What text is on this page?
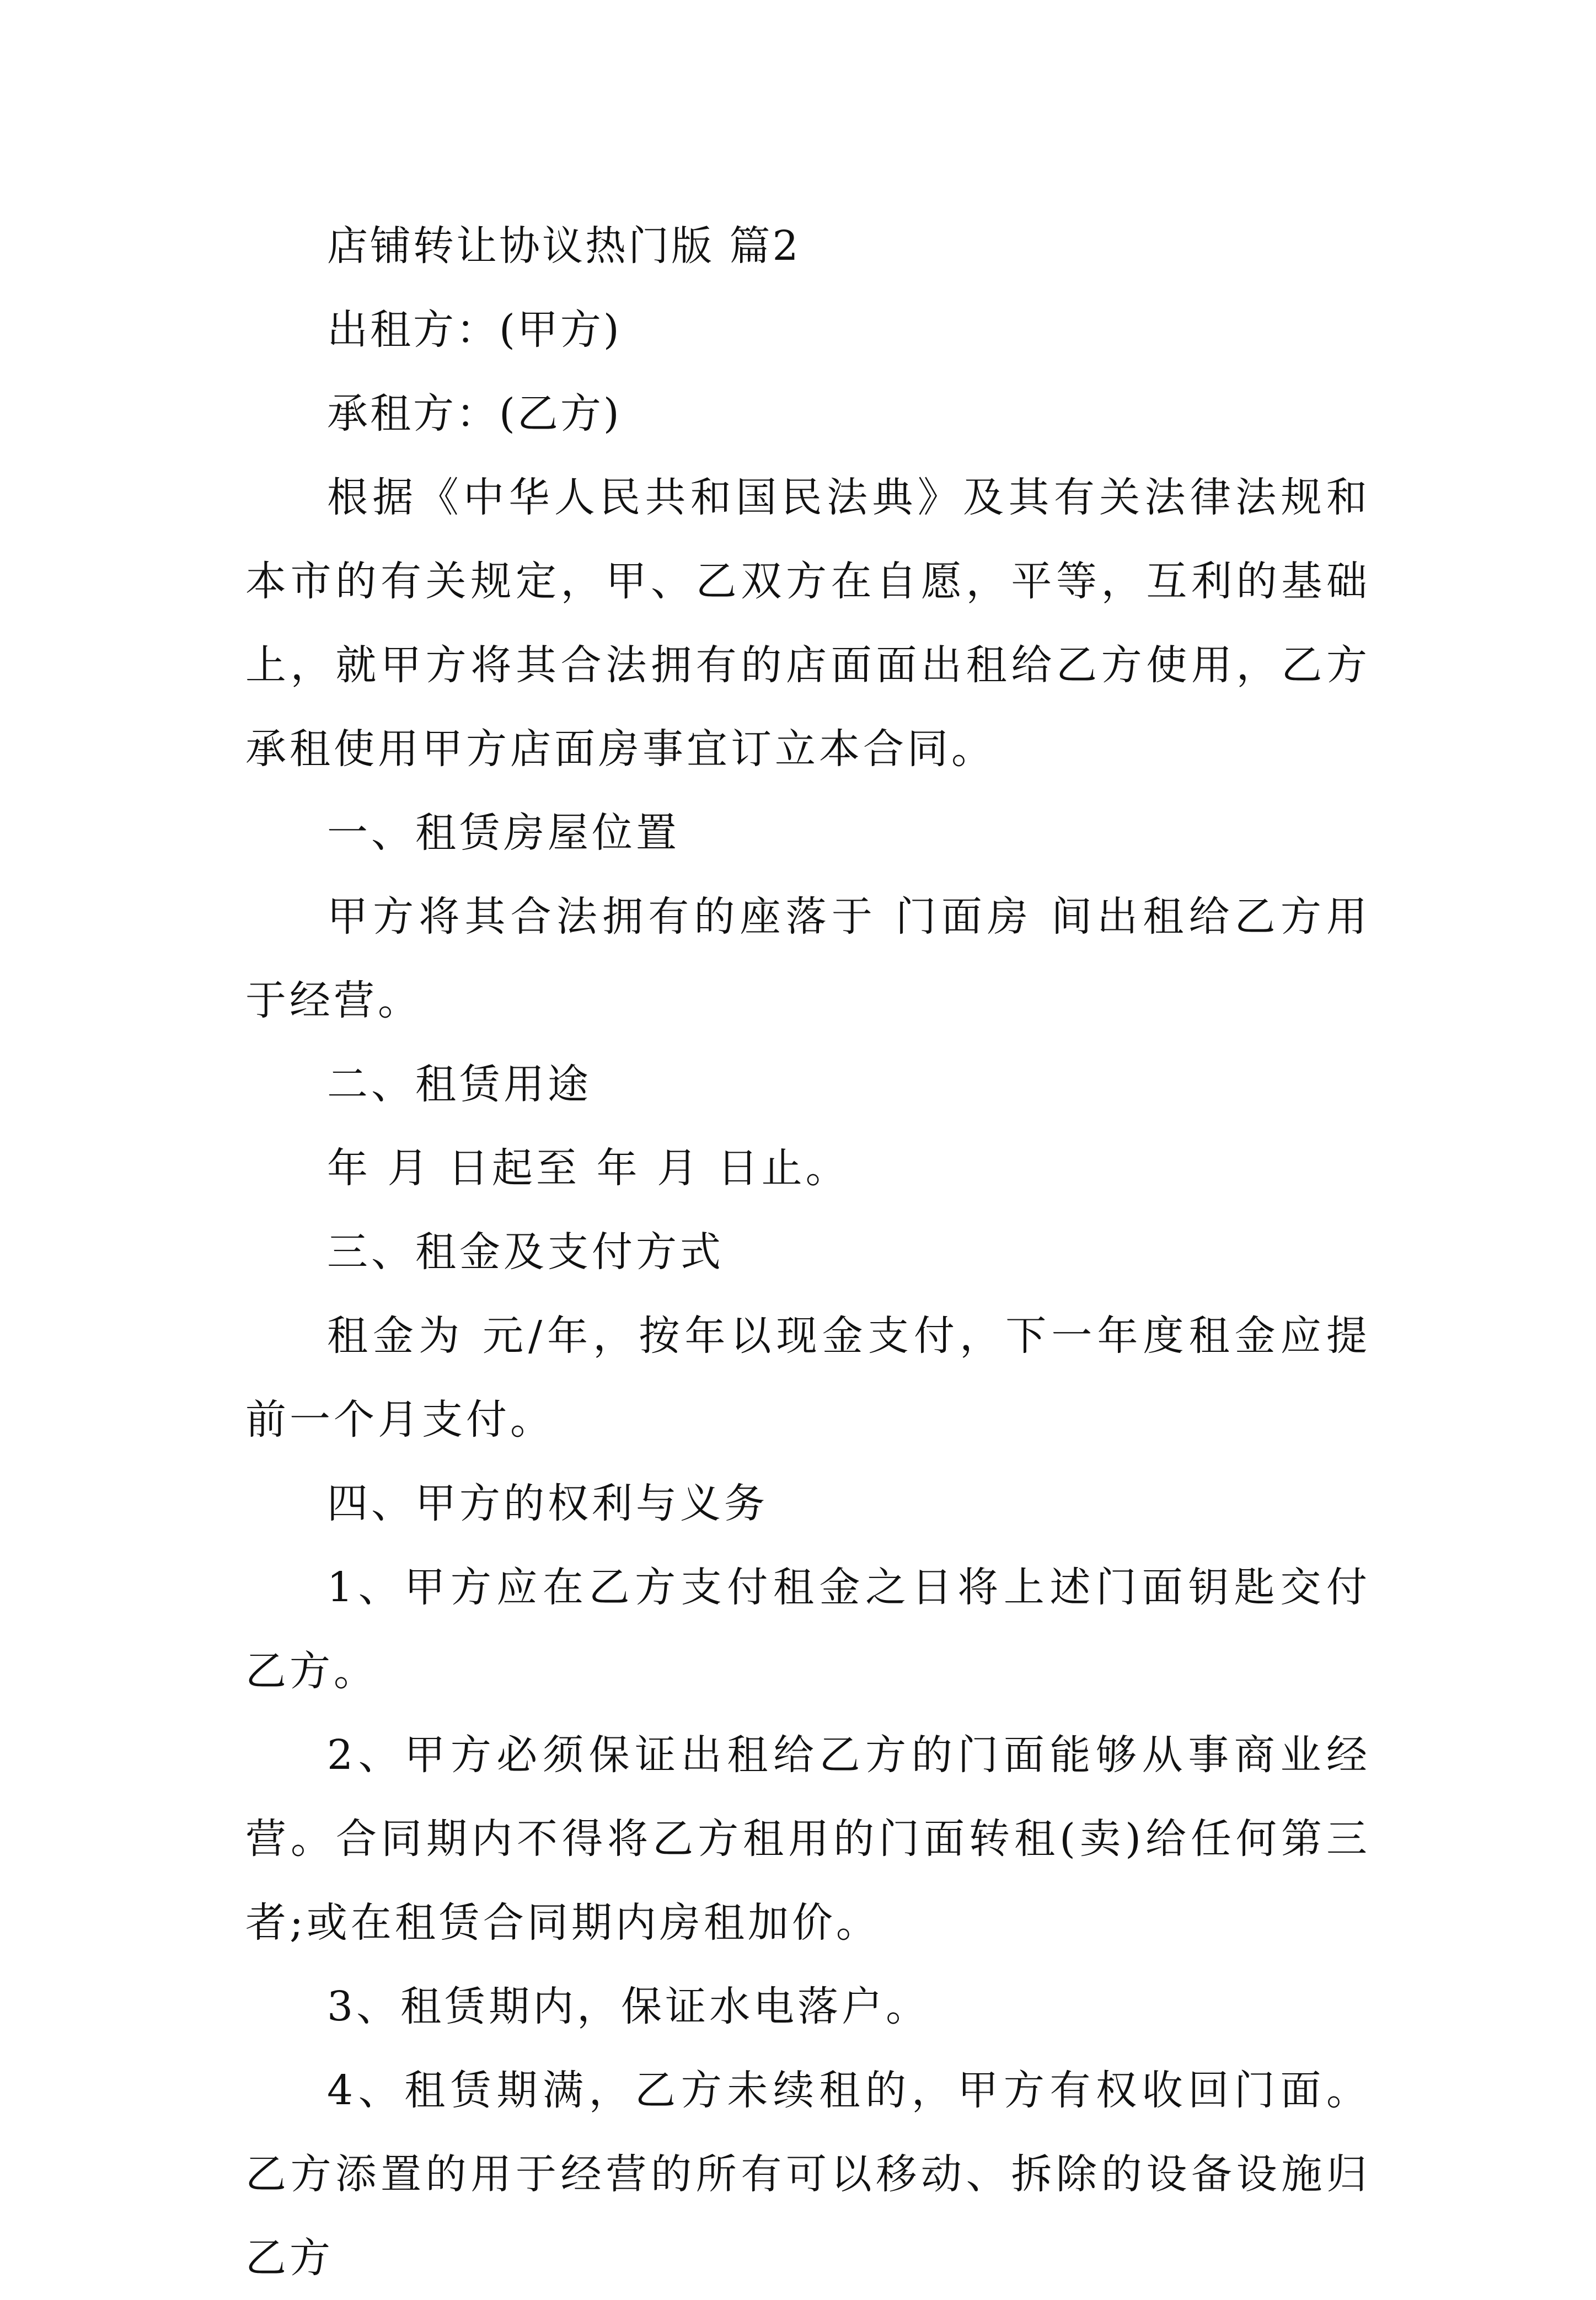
店铺转让协议热门版 篇2
出租方：(甲方)
承租方：(乙方)

根据《中华人民共和国民法典》及其有关法律法规和本市的有关规定，甲、乙双方在自愿，平等，互利的基础上，就甲方将其合法拥有的店面面出租给乙方使用，乙方承租使用甲方店面房事宜订立本合同。

一、租赁房屋位置

甲方将其合法拥有的座落于 门面房 间出租给乙方用于经营。

二、租赁用途

年 月 日起至 年 月 日止。

三、租金及支付方式

租金为 元/年，按年以现金支付，下一年度租金应提前一个月支付。

四、甲方的权利与义务

1、甲方应在乙方支付租金之日将上述门面钥匙交付乙方。

2、甲方必须保证出租给乙方的门面能够从事商业经营。合同期内不得将乙方租用的门面转租(卖)给任何第三者;或在租赁合同期内房租加价。

3、租赁期内，保证水电落户。

4、租赁期满，乙方未续租的，甲方有权收回门面。乙方添置的用于经营的所有可以移动、拆除的设备设施归乙方
